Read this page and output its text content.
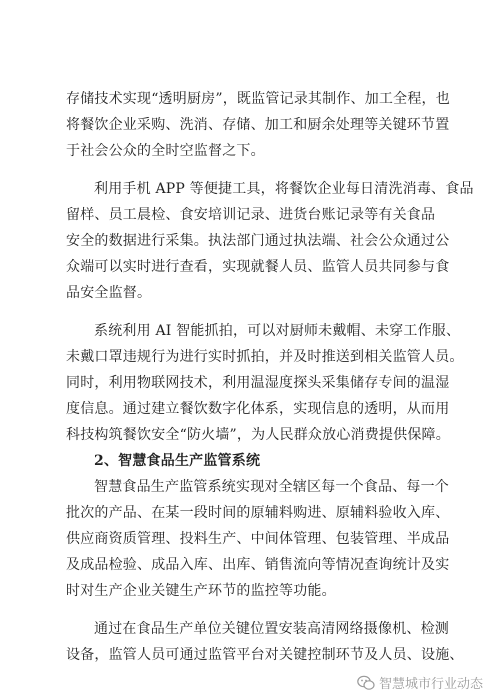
存储技术实现“透明厨房”，既监管记录其制作、加工全程，也
将餐饮企业采购、洗消、存储、加工和厨余处理等关键环节置
于社会公众的全时空监督之下。
利用手机 APP 等便捷工具，将餐饮企业每日清洗消毒、食品
留样、员工晨检、食安培训记录、进货台账记录等有关食品
安全的数据进行采集。执法部门通过执法端、社会公众通过公
众端可以实时进行查看，实现就餐人员、监管人员共同参与食
品安全监督。
系统利用 AI 智能抓拍，可以对厨师未戴帽、未穿工作服、
未戴口罩违规行为进行实时抓拍，并及时推送到相关监管人员。
同时，利用物联网技术，利用温湿度探头采集储存专间的温湿
度信息。通过建立餐饮数字化体系，实现信息的透明，从而用
科技构筑餐饮安全“防火墙”，为人民群众放心消费提供保障。
2、智慧食品生产监管系统
智慧食品生产监管系统实现对全辖区每一个食品、每一个
批次的产品、在某一段时间的原辅料购进、原辅料验收入库、
供应商资质管理、投料生产、中间体管理、包装管理、半成品
及成品检验、成品入库、出库、销售流向等情况查询统计及实
时对生产企业关键生产环节的监控等功能。
通过在食品生产单位关键位置安装高清网络摄像机、检测
设备，监管人员可通过监管平台对关键控制环节及人员、设施、
智慧城市行业动态
